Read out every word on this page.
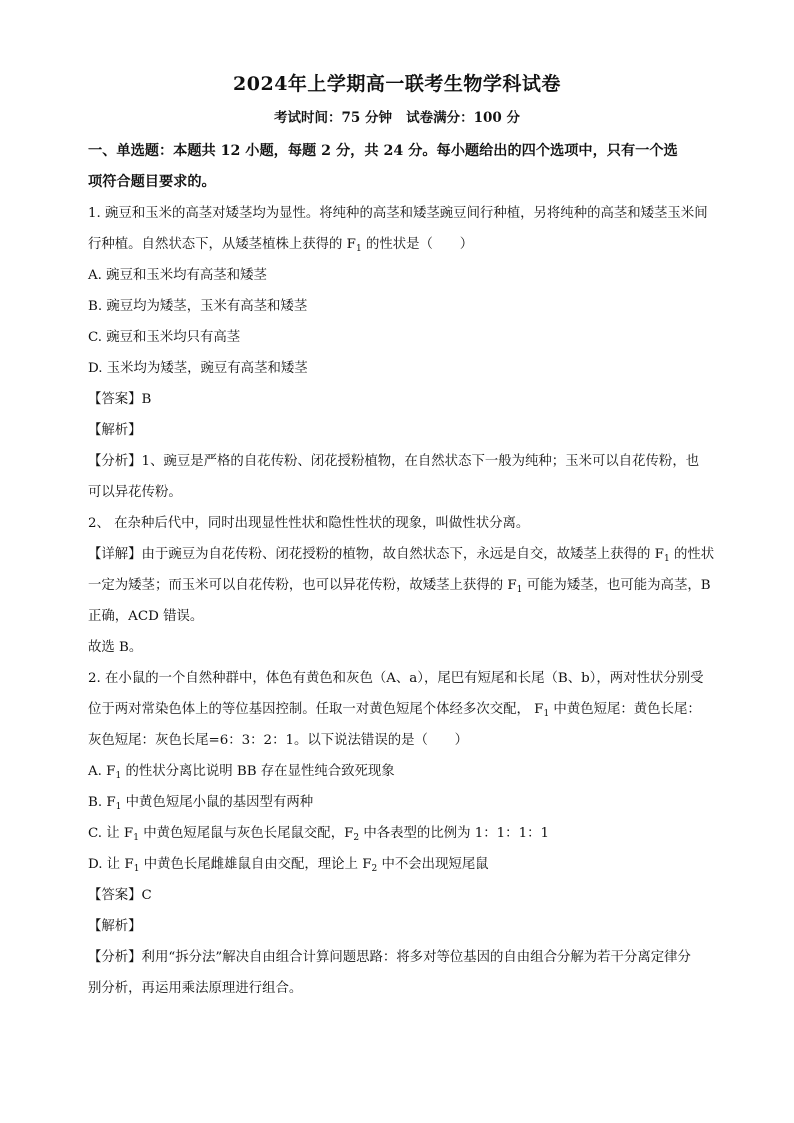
2024年上学期高一联考生物学科试卷
考试时间：75 分钟   试卷满分：100 分

一、单选题：本题共 12 小题，每题 2 分，共 24 分。每小题给出的四个选项中，只有一个选

项符合题目要求的。

1. 豌豆和玉米的高茎对矮茎均为显性。将纯种的高茎和矮茎豌豆间行种植，另将纯种的高茎和矮茎玉米间

行种植。自然状态下，从矮茎植株上获得的 $F_1$ 的性状是（　　）

A. 豌豆和玉米均有高茎和矮茎

B. 豌豆均为矮茎，玉米有高茎和矮茎

C. 豌豆和玉米均只有高茎

D. 玉米均为矮茎，豌豆有高茎和矮茎

【答案】B

【解析】

【分析】1、豌豆是严格的自花传粉、闭花授粉植物，在自然状态下一般为纯种；玉米可以自花传粉，也

可以异花传粉。

2、 在杂种后代中，同时出现显性性状和隐性性状的现象，叫做性状分离。

【详解】由于豌豆为自花传粉、闭花授粉的植物，故自然状态下，永远是自交，故矮茎上获得的 $F_1$ 的性状

一定为矮茎；而玉米可以自花传粉，也可以异花传粉，故矮茎上获得的 $F_1$ 可能为矮茎，也可能为高茎，B

正确，ACD 错误。

故选 B。

2. 在小鼠的一个自然种群中，体色有黄色和灰色（A、a），尾巴有短尾和长尾（B、b），两对性状分别受

位于两对常染色体上的等位基因控制。任取一对黄色短尾个体经多次交配， $F_1$ 中黄色短尾：黄色长尾：

灰色短尾：灰色长尾=6：3：2：1。以下说法错误的是（　　）

A. $F_1$ 的性状分离比说明 BB 存在显性纯合致死现象

B. $F_1$ 中黄色短尾小鼠的基因型有两种

C. 让 $F_1$ 中黄色短尾鼠与灰色长尾鼠交配，$F_2$ 中各表型的比例为 1：1：1：1

D. 让 $F_1$ 中黄色长尾雌雄鼠自由交配，理论上 $F_2$ 中不会出现短尾鼠

【答案】C

【解析】

【分析】利用“拆分法”解决自由组合计算问题思路：将多对等位基因的自由组合分解为若干分离定律分

别分析，再运用乘法原理进行组合。
